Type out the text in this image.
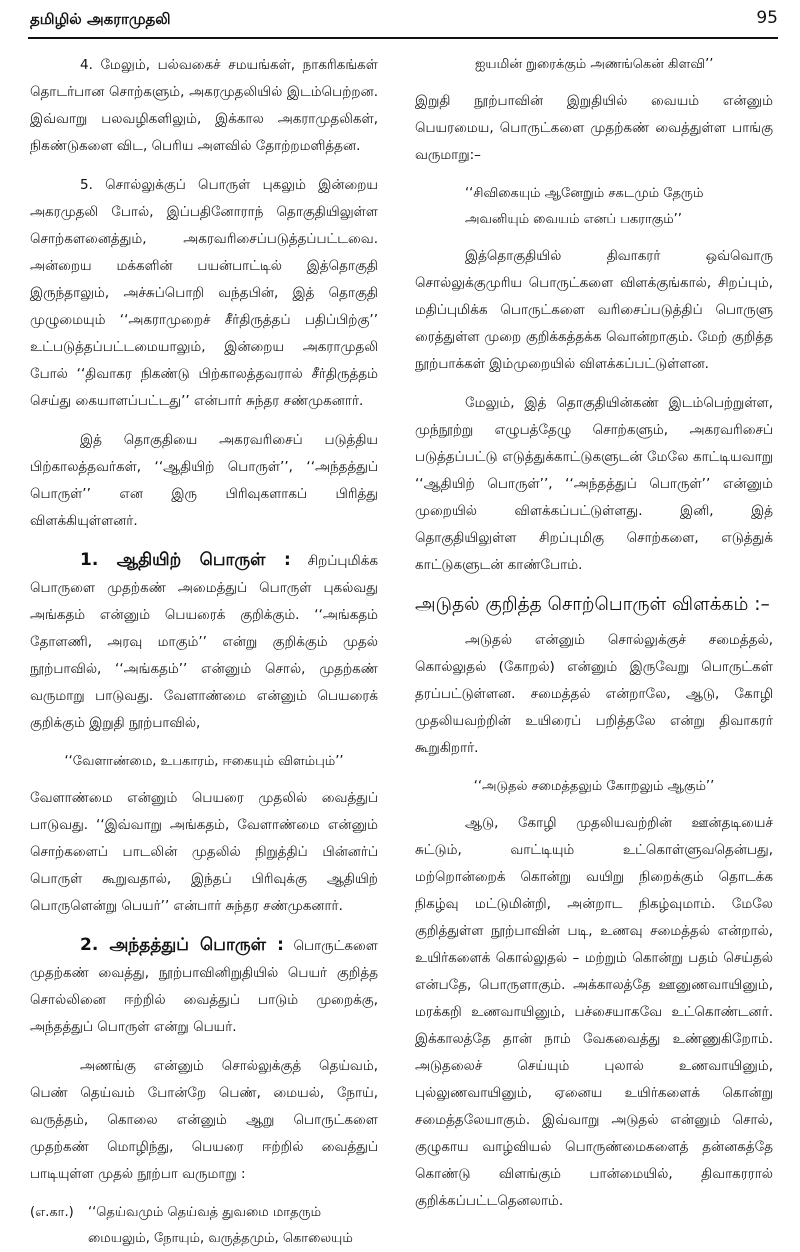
தமிழில் அகராமுதலி	95

4. மேலும், பல்வகைச் சமயங்கள், நாகரிகங்கள் தொடர்பான சொற்களும், அகரமுதலியில் இடம்பெற்றன. இவ்வாறு பலவழிகளிலும், இக்கால அகராமுதலிகள், நிகண்டுகளை விட, பெரிய அளவில் தோற்றமளித்தன.

5. சொல்லுக்குப் பொருள் புகலும் இன்றைய அகரமுதலி போல், இப்பதினோராந் தொகுதியிலுள்ள சொற்களனைத்தும், அகரவரிசைப்படுத்தப்பட்டவை. அன்றைய மக்களின் பயன்பாட்டில் இத்தொகுதி இருந்தாலும், அச்சுப்பொறி வந்தபின், இத் தொகுதி முழுமையும் ‘‘அகராமுறைச் சீர்திருத்தப் பதிப்பிற்கு’’ உட்படுத்தப்பட்டமையாலும், இன்றைய அகராமுதலி போல் ‘‘திவாகர நிகண்டு பிற்காலத்தவரால் சீர்திருத்தம் செய்து கையாளப்பட்டது’’ என்பார் சுந்தர சண்முகனார்.

இத் தொகுதியை அகரவரிசைப் படுத்திய பிற்காலத்தவர்கள், ‘‘ஆதியிற் பொருள்’’, ‘‘அந்தத்துப் பொருள்’’ என இரு பிரிவுகளாகப் பிரித்து விளக்கியுள்ளனர்.

1. ஆதியிற் பொருள் : சிறப்புமிக்க பொருளை முதற்கண் அமைத்துப் பொருள் புகல்வது அங்கதம் என்னும் பெயரைக் குறிக்கும். ‘‘அங்கதம் தோளணி, அரவு மாகும்’’ என்று குறிக்கும் முதல் நூற்பாவில், ‘‘அங்கதம்’’ என்னும் சொல், முதற்கண் வருமாறு பாடுவது. வேளாண்மை என்னும் பெயரைக் குறிக்கும் இறுதி நூற்பாவில்,

‘‘வேளாண்மை, உபகாரம், ஈகையும் விளம்பும்’’

வேளாண்மை என்னும் பெயரை முதலில் வைத்துப் பாடுவது. ‘‘இவ்வாறு அங்கதம், வேளாண்மை என்னும் சொற்களைப் பாடலின் முதலில் நிறுத்திப் பின்னர்ப் பொருள் கூறுவதால், இந்தப் பிரிவுக்கு ஆதியிற் பொருளென்று பெயர்’’ என்பார் சுந்தர சண்முகனார்.

2. அந்தத்துப் பொருள் : பொருட்களை முதற்கண் வைத்து, நூற்பாவினிறுதியில் பெயர் குறித்த சொல்லினை ஈற்றில் வைத்துப் பாடும் முறைக்கு, அந்தத்துப் பொருள் என்று பெயர்.

அணங்கு என்னும் சொல்லுக்குத் தெய்வம், பெண் தெய்வம் போன்றே பெண், மையல், நோய், வருத்தம், கொலை என்னும் ஆறு பொருட்களை முதற்கண் மொழிந்து, பெயரை ஈற்றில் வைத்துப் பாடியுள்ள முதல் நூற்பா வருமாறு :

(எ.கா.)	‘‘தெய்வமும் தெய்வத் துவமை மாதரும்
மையலும், நோயும், வருத்தமும், கொலையும்
ஐயமின் றுரைக்கும் அணங்கென் கிளவி’’

இறுதி நூற்பாவின் இறுதியில் வையம் என்னும் பெயரமைய, பொருட்களை முதற்கண் வைத்துள்ள பாங்கு வருமாறு:–

‘‘சிவிகையும் ஆனேறும் சகடமும் தேரும்
அவனியும் வையம் எனப் பகராகும்’’

இத்தொகுதியில் திவாகரர் ஒவ்வொரு சொல்லுக்குமுரிய பொருட்களை விளக்குங்கால், சிறப்பும், மதிப்புமிக்க பொருட்களை வரிசைப்படுத்திப் பொருளு ரைத்துள்ள முறை குறிக்கத்தக்க வொன்றாகும். மேற் குறித்த நூற்பாக்கள் இம்முறையில் விளக்கப்பட்டுள்ளன.

மேலும், இத் தொகுதியின்கண் இடம்பெற்றுள்ள, முந்நூற்று எழுபத்தேழு சொற்களும், அகரவரிசைப் படுத்தப்பட்டு எடுத்துக்காட்டுகளுடன் மேலே காட்டியவாறு ‘‘ஆதியிற் பொருள்’’, ‘‘அந்தத்துப் பொருள்’’ என்னும் முறையில் விளக்கப்பட்டுள்ளது. இனி, இத் தொகுதியிலுள்ள சிறப்புமிகு சொற்களை, எடுத்துக் காட்டுகளுடன் காண்போம்.

அடுதல் குறித்த சொற்பொருள் விளக்கம் :–

அடுதல் என்னும் சொல்லுக்குச் சமைத்தல், கொல்லுதல் (கோறல்) என்னும் இருவேறு பொருட்கள் தரப்பட்டுள்ளன. சமைத்தல் என்றாலே, ஆடு, கோழி முதலியவற்றின் உயிரைப் பறித்தலே என்று திவாகரர் கூறுகிறார்.

‘‘அடுதல் சமைத்தலும் கோறலும் ஆகும்’’

ஆடு, கோழி முதலியவற்றின் ஊன்தடியைச் சுட்டும், வாட்டியும் உட்கொள்ளுவதென்பது, மற்றொன்றைக் கொன்று வயிறு நிறைக்கும் தொடக்க நிகழ்வு மட்டுமின்றி, அன்றாட நிகழ்வுமாம். மேலே குறித்துள்ள நூற்பாவின் படி, உணவு சமைத்தல் என்றால், உயிர்களைக் கொல்லுதல் – மற்றும் கொன்று பதம் செய்தல் என்பதே, பொருளாகும். அக்காலத்தே ஊனுணவாயினும், மரக்கறி உணவாயினும், பச்சையாகவே உட்கொண்டனர். இக்காலத்தே தான் நாம் வேகவைத்து உண்ணுகிறோம். அடுதலைச் செய்யும் புலால் உணவாயினும், புல்லுணவாயினும், ஏனைய உயிர்களைக் கொன்று சமைத்தலேயாகும். இவ்வாறு அடுதல் என்னும் சொல், குழுகாய வாழ்வியல் பொருண்மைகளைத் தன்னகத்தே கொண்டு விளங்கும் பான்மையில், திவாகரரால் குறிக்கப்பட்டதெனலாம்.
